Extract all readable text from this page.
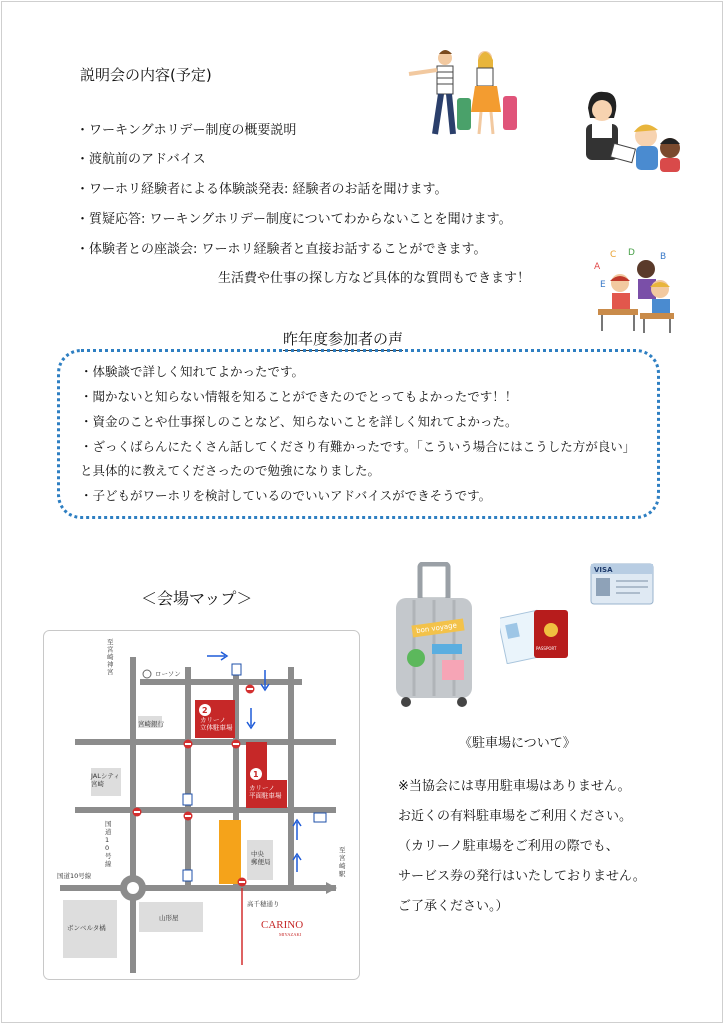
説明会の内容(予定)
・ワーキングホリデー制度の概要説明
・渡航前のアドバイス
・ワーホリ経験者による体験談発表: 経験者のお話を聞けます。
・質疑応答: ワーキングホリデー制度についてわからないことを聞けます。
・体験者との座談会: ワーホリ経験者と直接お話することができます。
生活費や仕事の探し方など具体的な質問もできます！
A
C D	B
E
昨年度参加者の声
・体験談で詳しく知れてよかったです。
・聞かないと知らない情報を知ることができたのでとってもよかったです！！
・資金のことや仕事探しのことなど、知らないことを詳しく知れてよかった。
・ざっくばらんにたくさん話してくださり有難かったです。「こういう場合にはこうした方が良い」
と具体的に教えてくださったので勉強になりました。
・子どもがワーホリを検討しているのでいいアドバイスができそうです。
＜会場マップ＞
至宮崎神宮	ローソン
宮崎銀行
JALシティ宮崎
国道 1 0 号線
国道10号線
ボンベルタ橘
山形屋
中央郵便局
高千穂通り
至宮崎駅
カリーノ立体駐車場
カリーノ平面駐車場
2
1
CARINO
MIYAZAKI
bon voyage
PASSPORT
VISA
《駐車場について》
※当協会には専用駐車場はありません。
お近くの有料駐車場をご利用ください。
（カリーノ駐車場をご利用の際でも、
サービス券の発行はいたしておりません。
ご了承ください。）
